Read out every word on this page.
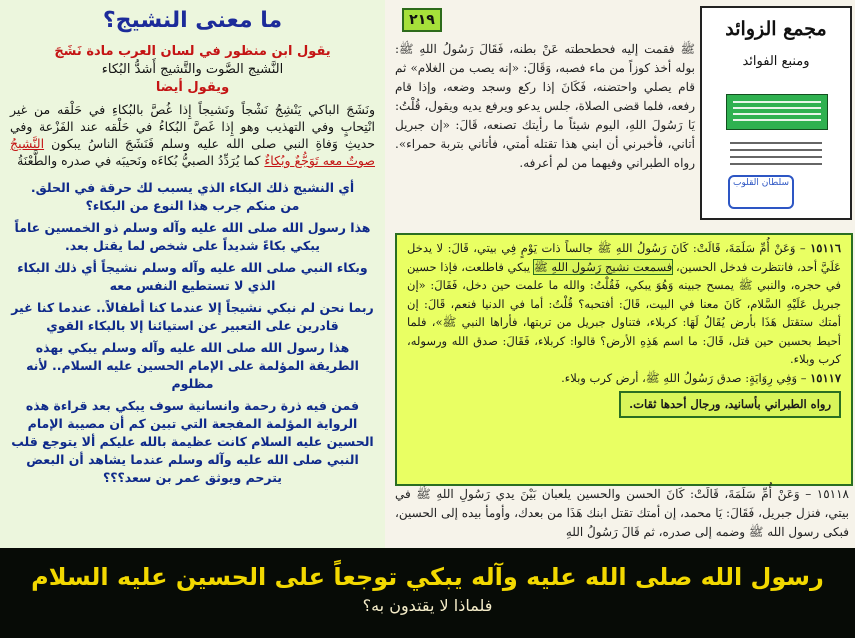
ما معنى النشيج؟
يقول ابن منظور في لسان العرب مادة نَشَجَ
النَّشيج الصَّوت والتَّشيج أَشدُّ البُكاء
ويقول أيضا
ونَشَجَ الباكي يَنْشِجُ نَشْجاً ونَشيجاً إِذا غُصَّ بالبُكاءِ في حَلْقه من غير انْتِحابٍ وفي التهذيب وهو إِذا غَصَّ البُكاءُ في حَلْقه عند الفَزْعة وفي حديثِ وَفاةِ النبي صلى الله عليه وسلم فَنَشَجَ الناسُ يبكون النَّشيجُ صوتٌ معه تَوَجُّعٌ وبُكاءٌ كما يُرَدِّدُ الصبيُّ بُكاءَه ونَحيبَه في صدره والطَّعْنَةُ
أي النشيج ذلك البكاء الذي يسبب لك حرقة في الحلق.
من منكم جرب هذا النوع من البكاء؟
هذا رسول الله صلى الله عليه وآله وسلم ذو الخمسين عاماً يبكي بكاءً شديداً على شخص لما يقتل بعد.
وبكاء النبي صلى الله عليه وآله وسلم نشيجاً أي ذلك البكاء الذي لا تستطيع النفس معه
ربما نحن لم نبكي نشيجاً إلا عندما كنا أطفالاً.. عندما كنا غير قادرين على التعبير عن استيائنا إلا بالبكاء القوي
هذا رسول الله صلى الله عليه وآله وسلم يبكي بهذه الطريقة المؤلمة على الإمام الحسين عليه السلام.. لأنه مظلوم
فمن فيه ذرة رحمة وانسانية سوف يبكي بعد قراءة هذه الرواية المؤلمة المفجعة التي تبين كم أن مصيبة الإمام الحسين عليه السلام كانت عظيمة بالله عليكم ألا يتوجع قلب النبي صلى الله عليه وآله وسلم عندما يشاهد أن البعض يترحم ويوثق عمر بن سعد؟؟؟
٢١٩
ﷺ فقمت إليه فحطحطته عَنْ بطنه، فَقَالَ رَسُولُ اللهِ ﷺ: بوله أخذ كوزاً من ماء فصبه، وَقَالَ: «إنه يصب من الغلام» ثم قام يصلي واحتضنه، فَكَانَ إذا ركع وسجد وضعه، وإذا قام رفعه، فلما قضى الصلاة، جلس يدعو ويرفع يديه ويقول، قُلْتُ: يَا رَسُولَ اللهِ، اليوم شيئاً ما رأيتك تصنعه، قَالَ: «إن جبريل أتاني، فأخبرني أن ابني هذا تقتله أمتي، فأتاني بتربة حمراء». رواه الطبراني وفيهما من لم أعرفه.
مجمع الزوائد
ومنبع الفوائد
سلطان القلوب
١٥١١٦ – وَعَنْ أُمِّ سَلَمَةَ، قَالَتْ: كَانَ رَسُولُ اللهِ ﷺ جالساً ذات يَوْمٍ فِي بيتي، قَالَ: لا يدخل عَلَيَّ أحد، فانتظرت فدخل الحسين، فسمعت نشيج رَسُولِ اللهِ ﷺ يبكي فاطلعت، فإذا حسين في حجره، والنبي ﷺ يمسح جبينه وَهُوَ يبكي، فَقُلْتُ: والله ما علمت حين دخل، فَقَالَ: «إن جبريل عَلَيْهِ السَّلام، كَانَ معنا في البيت، قَالَ: أفتحبه؟ قُلْتُ: أما في الدنيا فنعم، قَالَ: إن أمتك ستقتل هَذَا بأرض يُقَالُ لَهَا: كربلاء، فتناول جبريل من تربتها، فأراها النبي ﷺ»، فلما أحيط بحسين حين قتل، قَالَ: ما اسم هَذِهِ الأرض؟ قالوا: كربلاء، فَقَالَ: صدق الله ورسوله، كرب وبلاء.
١٥١١٧ – وَفِي رِوَايَةٍ: صدق رَسُولُ اللهِ ﷺ، أرض كرب وبلاء.
رواه الطبراني بأسانيد، ورجال أحدها ثقات.
١٥١١٨ – وَعَنْ أُمِّ سَلَمَةَ، قَالَتْ: كَانَ الحسن والحسين يلعبان بَيْنَ يدي رَسُولِ اللهِ ﷺ في بيتي، فنزل جبريل، فَقَالَ: يَا محمد، إن أمتك تقتل ابنك هَذَا من بعدك، وأومأ بيده إلى الحسين، فبكى رسول الله ﷺ وضمه إلى صدره، ثم قَالَ رَسُولُ اللهِ
رسول الله صلى الله عليه وآله يبكي توجعاً على الحسين عليه السلام
فلماذا لا يقتدون به؟
